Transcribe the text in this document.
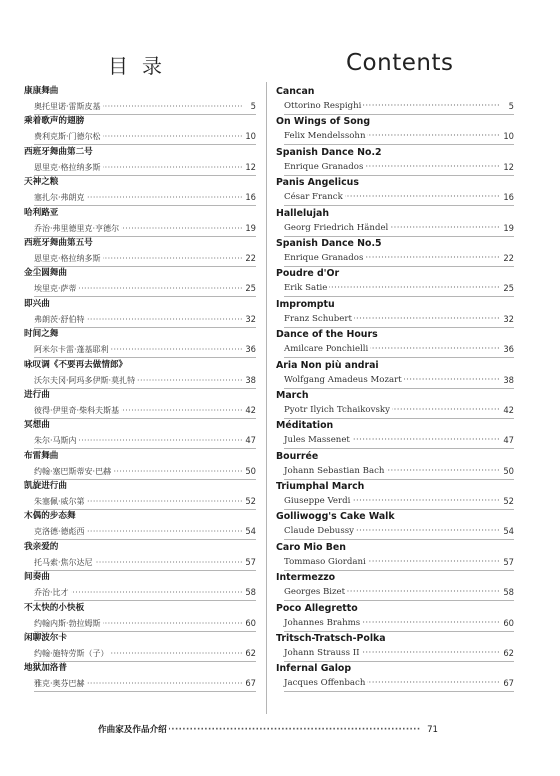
目录	Contents
康康舞曲
·····
奥托里诺·雷斯皮基	5
乘着歌声的翅膀
·····
费利克斯·门德尔松	10
西班牙舞曲第二号
·····
恩里克·格拉纳多斯	12
天神之粮
·····
塞扎尔·弗朗克	16
哈利路亚
·····
乔治·弗里德里克·亨德尔	19
西班牙舞曲第五号
·····
恩里克·格拉纳多斯	22
金尘圆舞曲
·····
埃里克·萨蒂	25
即兴曲
·····
弗朗茨·舒伯特	32
时间之舞
·····
阿米尔卡雷·蓬基耶利	36
咏叹调《不要再去做情郎》
·····
沃尔夫冈·阿玛多伊斯·莫扎特	38
进行曲
·····
彼得·伊里奇·柴科夫斯基	42
冥想曲
·····
朱尔·马斯内	47
布雷舞曲
·····
约翰·塞巴斯蒂安·巴赫	50
凯旋进行曲
·····
朱塞佩·威尔第	52
木偶的步态舞
·····
克洛德·德彪西	54
我亲爱的
·····
托马索·焦尔达尼	57
间奏曲
·····
乔治·比才	58
不太快的小快板
·····
约翰内斯·勃拉姆斯	60
闲聊波尔卡
·····
约翰·施特劳斯（子）	62
地狱加洛普
·····
雅克·奥芬巴赫	67
Cancan
·····
Ottorino Respighi	5
On Wings of Song
·····
Felix Mendelssohn	10
Spanish Dance No.2
·····
Enrique Granados	12
Panis Angelicus
·····
César Franck	16
Hallelujah
·····
Georg Friedrich Händel	19
Spanish Dance No.5
·····
Enrique Granados	22
Poudre d'Or
·····
Erik Satie	25
Impromptu
·····
Franz Schubert	32
Dance of the Hours
·····
Amilcare Ponchielli	36
Aria Non più andrai
·····
Wolfgang Amadeus Mozart	38
March
·····
Pyotr Ilyich Tchaikovsky	42
Méditation
·····
Jules Massenet	47
Bourrée
·····
Johann Sebastian Bach	50
Triumphal March
·····
Giuseppe Verdi	52
Golliwogg's Cake Walk
·····
Claude Debussy	54
Caro Mio Ben
·····
Tommaso Giordani	57
Intermezzo
·····
Georges Bizet	58
Poco Allegretto
·····
Johannes Brahms	60
Tritsch-Tratsch-Polka
·····
Johann Strauss II	62
Infernal Galop
·····
Jacques Offenbach	67
·····
作曲家及作品介绍	71
